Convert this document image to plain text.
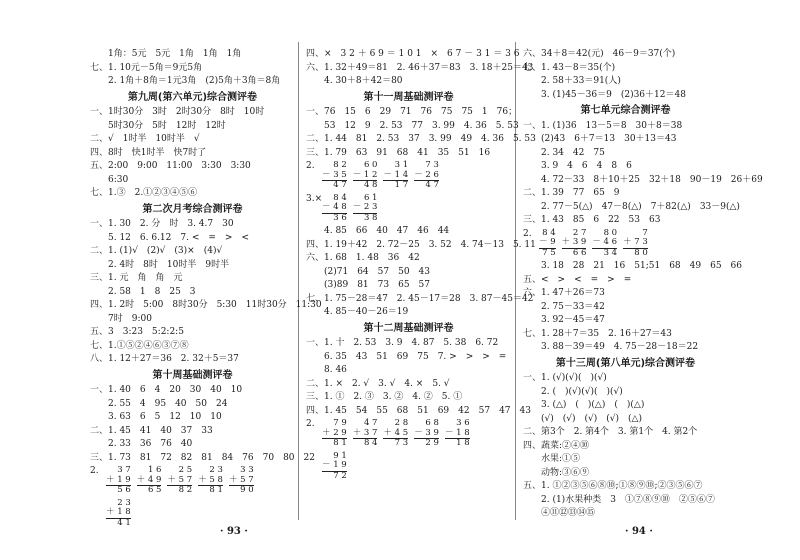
　　1角：5元　5元　1角　1角　1角
七、1. 10元－5角＝9元5角
　　2. 1角＋8角＝1元3角　(2)5角＋3角＝8角
第九周(第六单元)综合测评卷
一、1时30分　3时　2时30分　8时　10时
　　5时30分　5时　12时　12时
二、√　1时半　10时半　√
四、8时　快1时半　快7时了
五、2:00　9:00　11:00　3:30　3:30
　　6:30
七、1.③　2.①②③④⑤⑥
第二次月考综合测评卷
一、1. 30　2. 分　时　3. 4.7　30
　　5. 12　6. 6.12　7. <　=　>　<
二、1. (1)√　(2)√　(3)×　(4)√
　　2. 4时　8时　10时半　9时半
三、1. 元　角　角　元
　　2. 58　1　8　25　3
四、1. 2时　5:00　8时30分　5:30　11时30分　11:30
　　7时　9:00
五、3　3:23　5:2:2:5
七、1.①⑤②④⑥③⑦⑧
八、1. 12＋27＝36　2. 32＋5＝37
第十周基础测评卷
一、1. 40　6　4　20　30　40　10
　　2. 55　4　95　40　50　24
　　3. 63　6　5　12　10　10
二、1. 45　41　40　37　33
　　2. 33　36　76　40
三、1. 73　81　72　82　81　84　76　70　80　22
2.	3 7
＋ 1 9
5 6
1 6
＋ 4 9
6 5
2 5
＋ 5 7
8 2
2 3
＋ 5 8
8 1
3 3
＋ 5 7
9 0
2 3
＋ 1 8
4 1
四、×　3 2 ＋ 6 9 ＝ 1 0 1　×　6 7 － 3 1 ＝ 3 6
六、1. 32＋49＝81　2. 46＋37＝83　3. 18＋25＝43
　　4. 30＋8＋42＝80
第十一周基础测评卷
一、76　15　6　29　71　76　75　75　1　76；
　　53　12　9　2. 53　77　3. 99　4. 36　5. 53
二、1. 44　81　2. 53　37　3. 99　49　4. 36　5. 53
三、1. 79　63　91　68　41　35　51　16
2.	8 2
－ 3 5
4 7
6 0
－ 1 2
4 8
3 1
－ 1 4
1 7
7 3
－ 2 6
4 7
3.×	8 4
－ 4 8
3 6
6 1
－ 2 3
3 8
　　4. 85　66　40　47　46　44
四、1. 19＋42　2. 72－25　3. 52　4. 74－13　5. 11
六、1. 68　1. 48　36　42
　　(2)71　64　57　50　43
　　(3)89　81　73　65　57
七、1. 75－28＝47　2. 45－17＝28　3. 87－45＝42
　　4. 85－40－26＝19
第十二周基础测评卷
一、1. 十　2. 53　3. 9　4. 87　5. 38　6. 72
　　6. 35　43　51　69　75　7. >　>　>　=
　　8. 46
二、1. ×　2. √　3. √　4. ×　5. √
三、1. ①　2. ③　3. ②　4. ②　5. ①
四、1. 45　54　55　68　51　69　42　57　47　43
2.	7 9
＋ 2 9
8 1
4 7
＋ 3 7
8 4
2 8
＋ 4 5
7 3
6 8
－ 3 9
2 9
3 6
－ 1 8
1 8
9 1
－ 1 9
7 2
六、34＋8＝42(元)　46－9＝37(个)
七、1. 43－8＝35(个)
　　2. 58＋33＝91(人)
　　3. (1)45－36＝9　(2)36＋12＝48
第七单元综合测评卷
一、1. (1)36　13－5＝8　30＋8＝38
　　(2)43　6＋7＝13　30＋13＝43
　　2. 34　42　75
　　3. 9　4　6　4　8　6
　　4. 72－33　8＋10＋25　32＋18　90－19　26＋69
二、1. 39　77　65　9
　　2. 77－5(△)　47－8(△)　7＋82(△)　33－9(△)
三、1. 43　85　6　22　53　63
2.	8 4
－ 9
7 5
2 7
＋ 3 9
6 6
8 0
－ 4 6
3 4
7
＋ 7 3
8 0
　　3. 18　28　21　16　51;51　68　49　65　66
五、<　>　<　=　>　=
六、1. 47＋26＝73
　　2. 75－33＝42
　　3. 92－45＝47
七、1. 28＋7＝35　2. 16＋27＝43
　　3. 88－39＝49　4. 75－28－18＝22
第十三周(第八单元)综合测评卷
一、1. (√)(√)(　)(√)
　　2. (　)(√)(√)(　)(√)
　　3. (△)　(　)(△)　(　)(△)
　　(√)　(√)　(√)　(√)　(△)
二、第3个　2. 第4个　3. 第1个　4. 第2个
四、蔬菜:②④⑩
　　水果:①⑤
　　动物:③⑥⑨
五、1. ①②③⑤⑥⑧⑩;①⑧⑨⑩;②③⑤⑥⑦
　　2. (1)水果种类　3　①⑦⑧⑨⑩　②⑤⑥⑦
　　④⑪⑫⑬⑭⑮
· 93 ·	· 94 ·
